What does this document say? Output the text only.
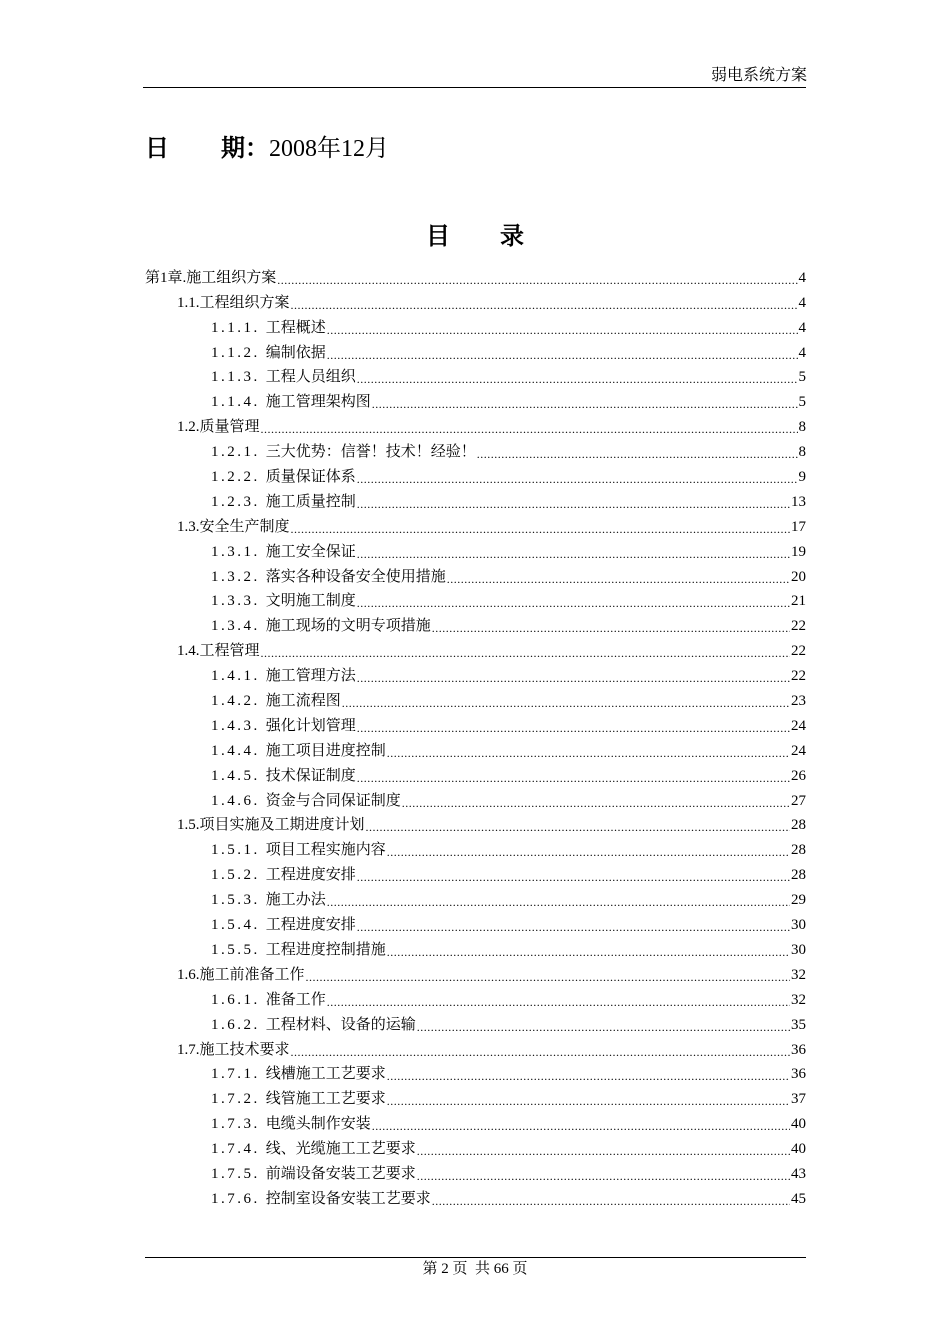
弱电系统方案
日 期：2008年12月
目 录
第1章. 施工组织方案 .....	4
1.1. 工程组织方案 .....	4
1.1.1. 工程概述 .....	4
1.1.2. 编制依据 .....	4
1.1.3. 工程人员组织 .....	5
1.1.4. 施工管理架构图 .....	5
1.2. 质量管理 .....	8
1.2.1. 三大优势：信誉！技术！经验！ .....	8
1.2.2. 质量保证体系 .....	9
1.2.3. 施工质量控制 .....	13
1.3. 安全生产制度 .....	17
1.3.1. 施工安全保证 .....	19
1.3.2. 落实各种设备安全使用措施 .....	20
1.3.3. 文明施工制度 .....	21
1.3.4. 施工现场的文明专项措施 .....	22
1.4. 工程管理 .....	22
1.4.1. 施工管理方法 .....	22
1.4.2. 施工流程图 .....	23
1.4.3. 强化计划管理 .....	24
1.4.4. 施工项目进度控制 .....	24
1.4.5. 技术保证制度 .....	26
1.4.6. 资金与合同保证制度 .....	27
1.5. 项目实施及工期进度计划 .....	28
1.5.1. 项目工程实施内容 .....	28
1.5.2. 工程进度安排 .....	28
1.5.3. 施工办法 .....	29
1.5.4. 工程进度安排 .....	30
1.5.5. 工程进度控制措施 .....	30
1.6. 施工前准备工作 .....	32
1.6.1. 准备工作 .....	32
1.6.2. 工程材料、设备的运输 .....	35
1.7. 施工技术要求 .....	36
1.7.1. 线槽施工工艺要求 .....	36
1.7.2. 线管施工工艺要求 .....	37
1.7.3. 电缆头制作安装 .....	40
1.7.4. 线、光缆施工工艺要求 .....	40
1.7.5. 前端设备安装工艺要求 .....	43
1.7.6. 控制室设备安装工艺要求 .....	45
第 2 页  共 66 页
